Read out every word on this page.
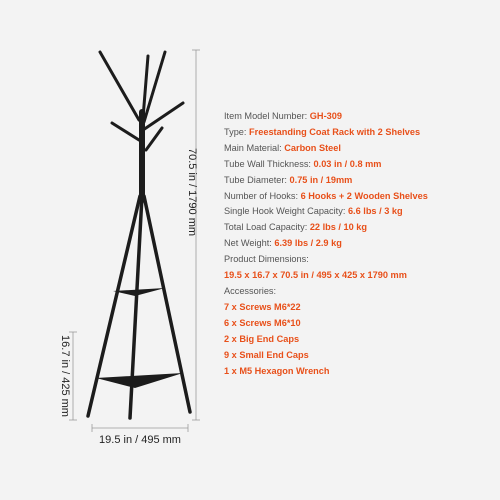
70.5 in / 1790 mm
16.7 in / 425 mm
19.5 in / 495 mm
Item Model Number: GH-309
Type: Freestanding Coat Rack with 2 Shelves
Main Material: Carbon Steel
Tube Wall Thickness: 0.03 in / 0.8 mm
Tube Diameter: 0.75 in / 19mm
Number of Hooks: 6 Hooks + 2 Wooden Shelves
Single Hook Weight Capacity: 6.6 lbs / 3 kg
Total Load Capacity: 22 lbs / 10 kg
Net Weight: 6.39 lbs / 2.9 kg
Product Dimensions:
19.5 x 16.7 x 70.5 in / 495 x 425 x 1790 mm
Accessories:
7 x Screws M6*22
6 x Screws M6*10
2 x Big End Caps
9 x Small End Caps
1 x M5 Hexagon Wrench
